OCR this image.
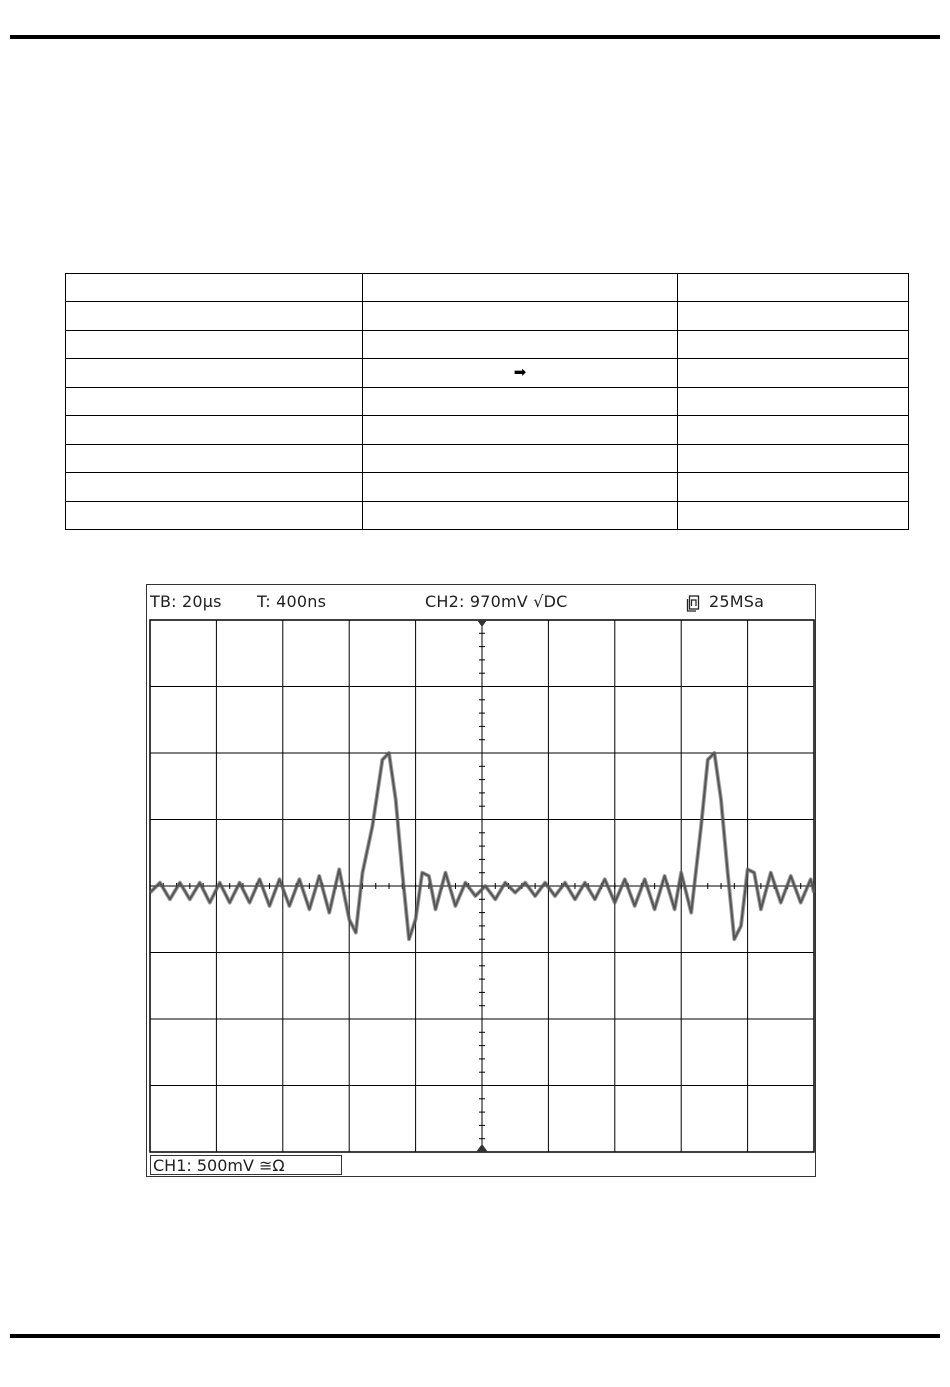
	➡	

TB: 20µs T: 400ns
CH2:	970mV √DC	25MSa
CH1: 500mV ≅Ω
